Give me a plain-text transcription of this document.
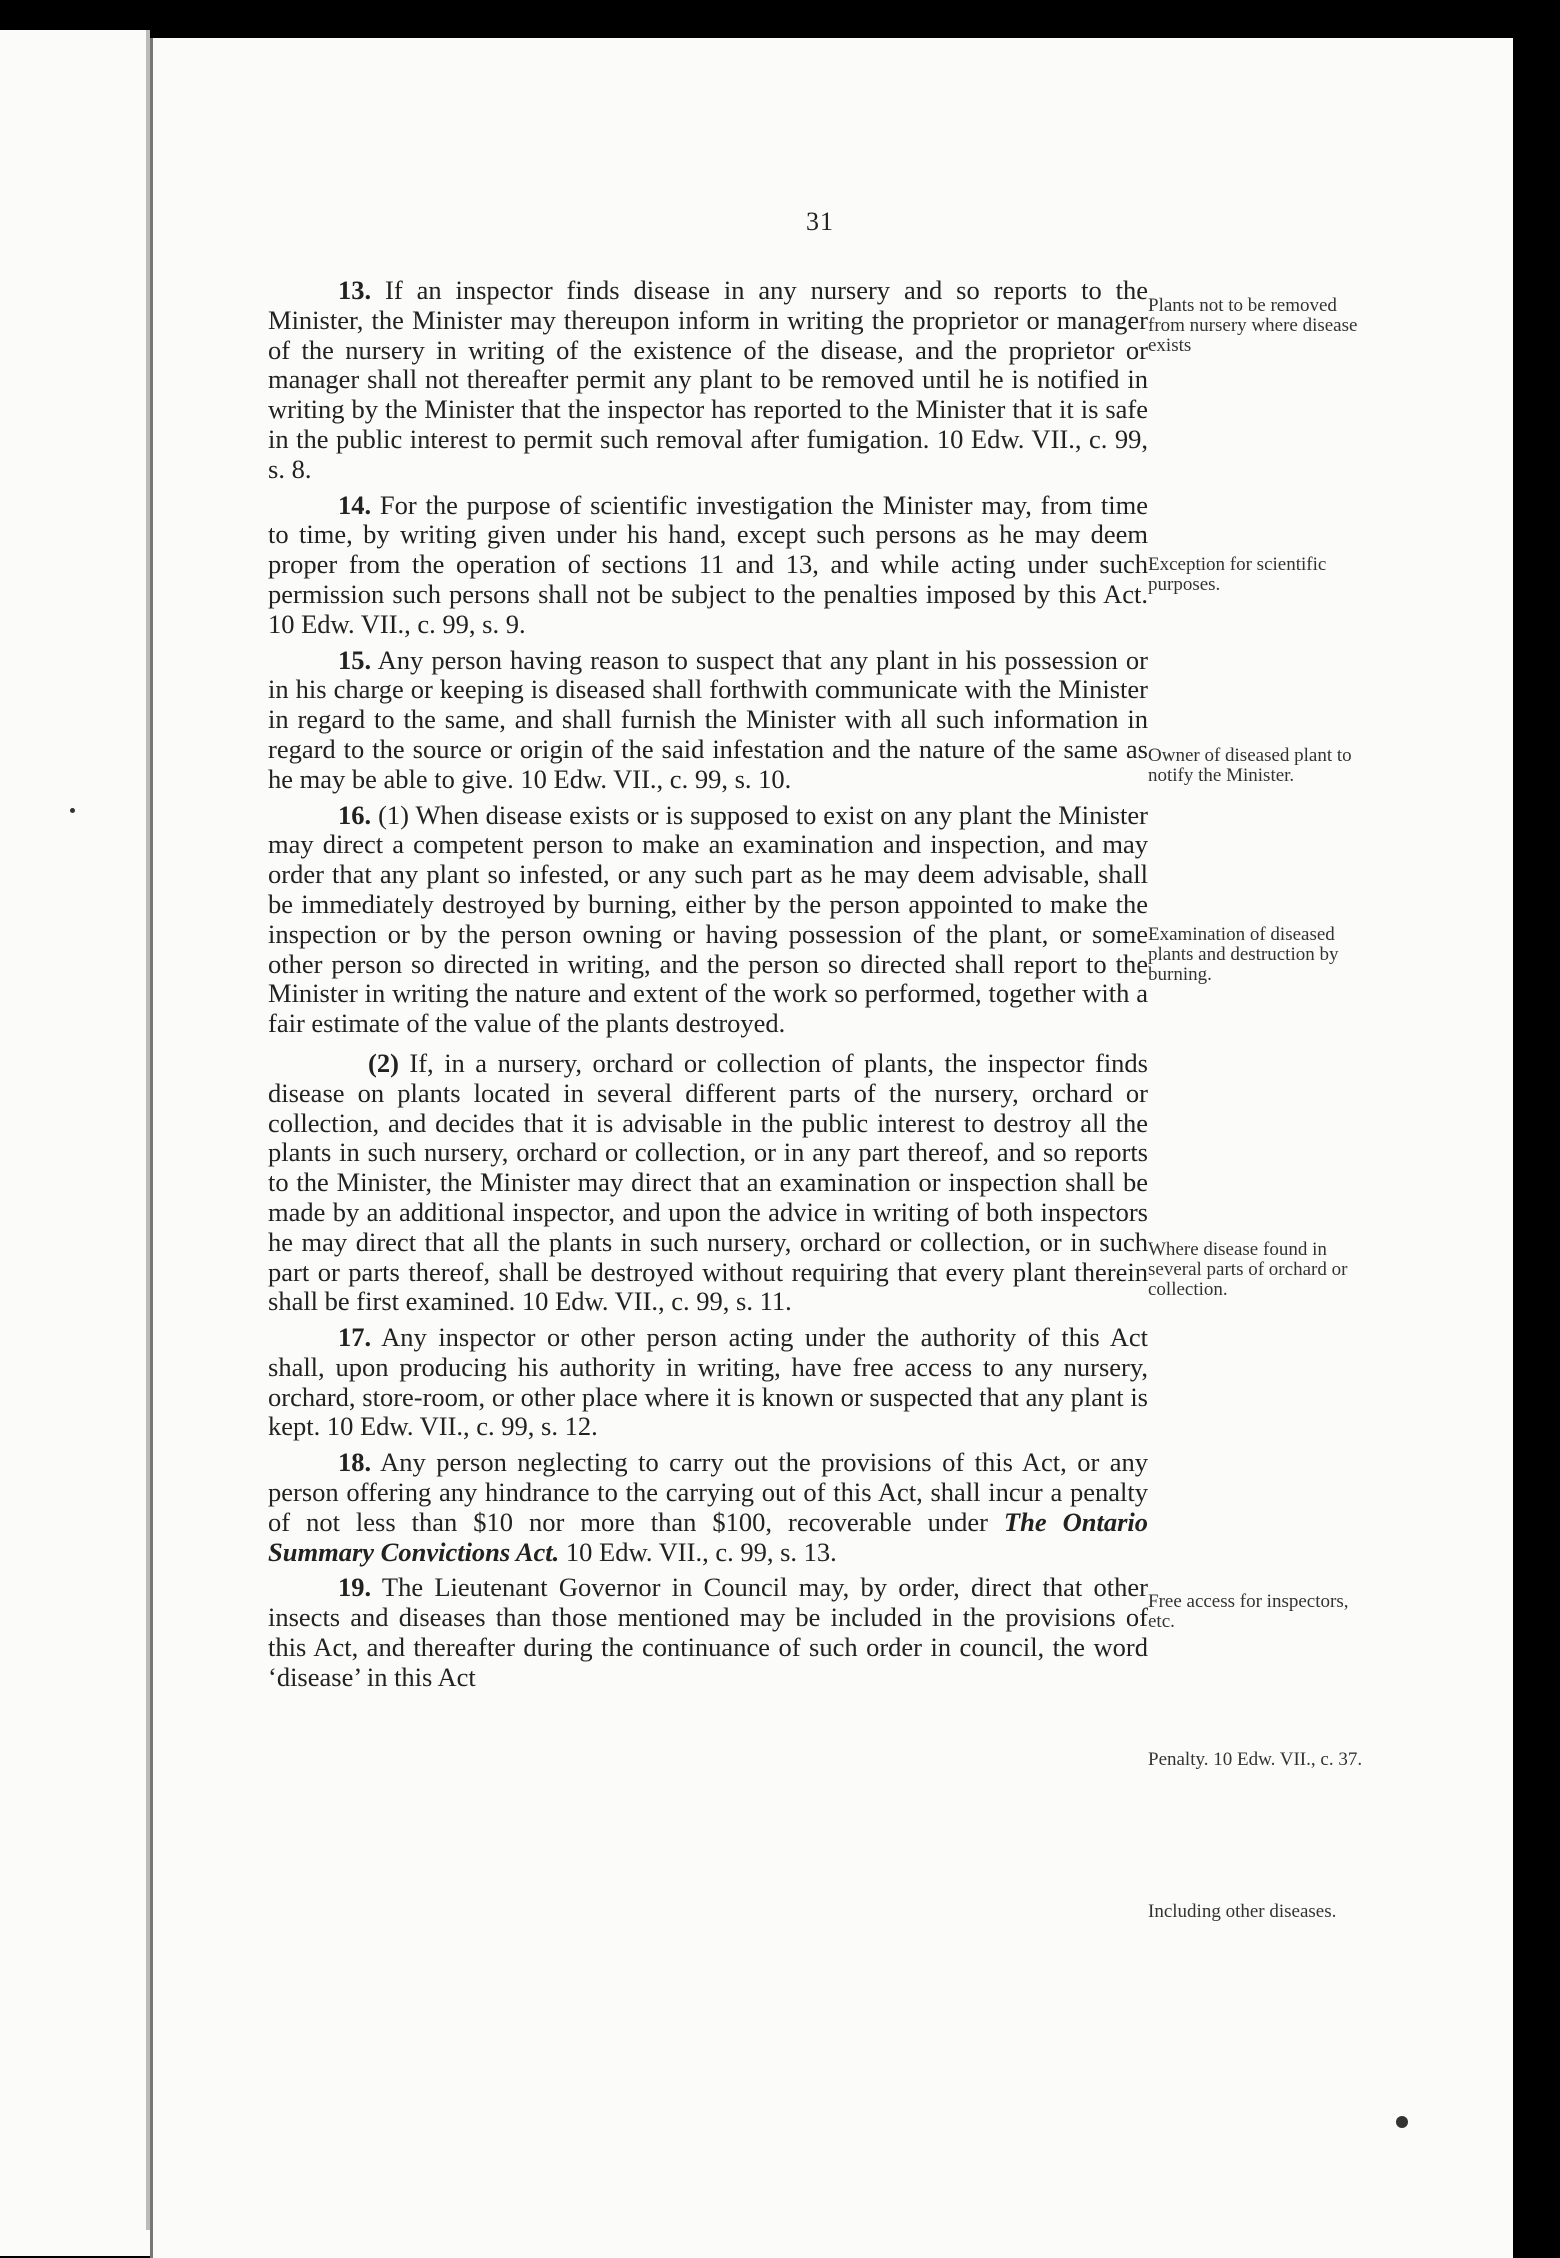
31

13. If an inspector finds disease in any nursery and so reports to the Minister, the Minister may thereupon inform in writing the proprietor or manager of the nursery in writing of the existence of the disease, and the proprietor or manager shall not thereafter permit any plant to be removed until he is notified in writing by the Minister that the inspector has reported to the Minister that it is safe in the public interest to permit such removal after fumigation. 10 Edw. VII., c. 99, s. 8.

14. For the purpose of scientific investigation the Minister may, from time to time, by writing given under his hand, except such persons as he may deem proper from the operation of sections 11 and 13, and while acting under such permission such persons shall not be subject to the penalties imposed by this Act. 10 Edw. VII., c. 99, s. 9.

15. Any person having reason to suspect that any plant in his possession or in his charge or keeping is diseased shall forthwith communicate with the Minister in regard to the same, and shall furnish the Minister with all such information in regard to the source or origin of the said infestation and the nature of the same as he may be able to give. 10 Edw. VII., c. 99, s. 10.

16. (1) When disease exists or is supposed to exist on any plant the Minister may direct a competent person to make an examination and inspection, and may order that any plant so infested, or any such part as he may deem advisable, shall be immediately destroyed by burning, either by the person appointed to make the inspection or by the person owning or having possession of the plant, or some other person so directed in writing, and the person so directed shall report to the Minister in writing the nature and extent of the work so performed, together with a fair estimate of the value of the plants destroyed.

(2) If, in a nursery, orchard or collection of plants, the inspector finds disease on plants located in several different parts of the nursery, orchard or collection, and decides that it is advisable in the public interest to destroy all the plants in such nursery, orchard or collection, or in any part thereof, and so reports to the Minister, the Minister may direct that an examination or inspection shall be made by an additional inspector, and upon the advice in writing of both inspectors he may direct that all the plants in such nursery, orchard or collection, or in such part or parts thereof, shall be destroyed without requiring that every plant therein shall be first examined. 10 Edw. VII., c. 99, s. 11.

17. Any inspector or other person acting under the authority of this Act shall, upon producing his authority in writing, have free access to any nursery, orchard, store-room, or other place where it is known or suspected that any plant is kept. 10 Edw. VII., c. 99, s. 12.

18. Any person neglecting to carry out the provisions of this Act, or any person offering any hindrance to the carrying out of this Act, shall incur a penalty of not less than $10 nor more than $100, recoverable under The Ontario Summary Convictions Act. 10 Edw. VII., c. 99, s. 13.

19. The Lieutenant Governor in Council may, by order, direct that other insects and diseases than those mentioned may be included in the provisions of this Act, and thereafter during the continuance of such order in council, the word ‘disease’ in this Act

Plants not to be removed from nursery where disease exists
Exception for scientific purposes.
Owner of diseased plant to notify the Minister.
Examination of diseased plants and destruction by burning.
Where disease found in several parts of orchard or collection.
Free access for inspectors, etc.
Penalty. 10 Edw. VII., c. 37.
Including other diseases.
